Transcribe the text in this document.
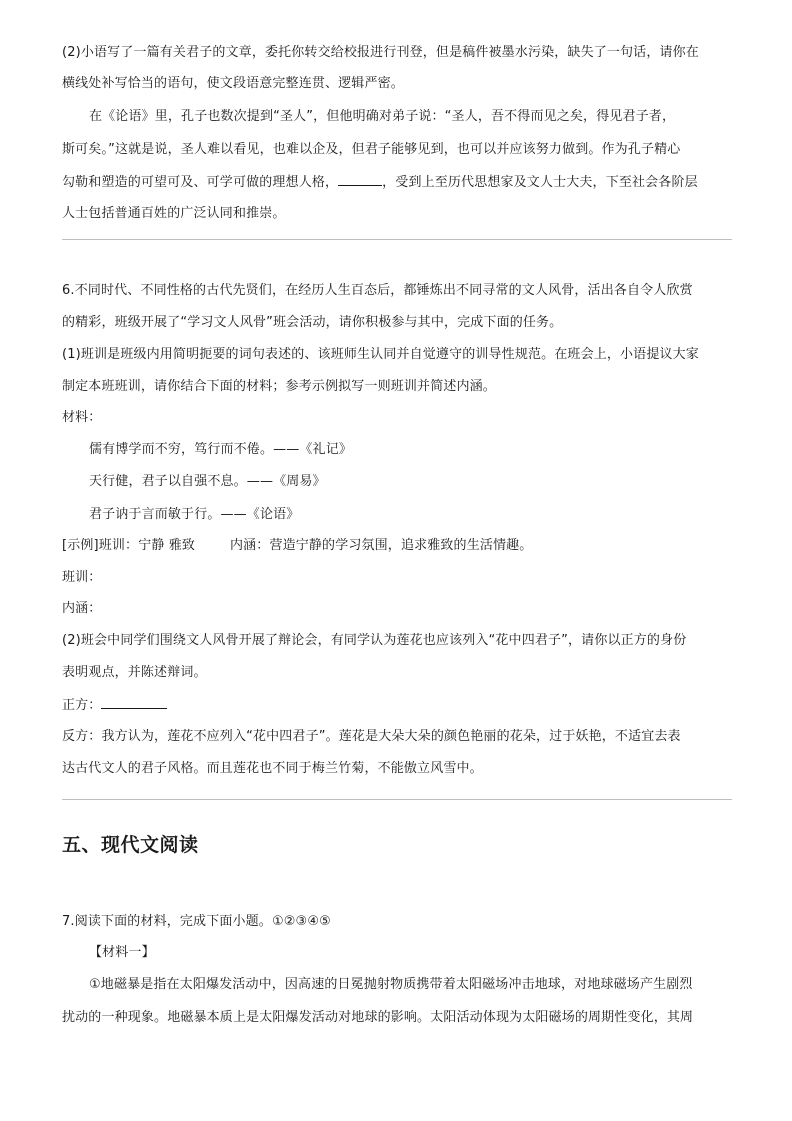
(2)小语写了一篇有关君子的文章，委托你转交给校报进行刊登，但是稿件被墨水污染，缺失了一句话，请你在
横线处补写恰当的语句，使文段语意完整连贯、逻辑严密。
在《论语》里，孔子也数次提到“圣人”，但他明确对弟子说：“圣人，吾不得而见之矣，得见君子者，
斯可矣。”这就是说，圣人难以看见，也难以企及，但君子能够见到，也可以并应该努力做到。作为孔子精心
勾勒和塑造的可望可及、可学可做的理想人格，	，受到上至历代思想家及文人士大夫，下至社会各阶层
人士包括普通百姓的广泛认同和推崇。
6.不同时代、不同性格的古代先贤们，在经历人生百态后，都锤炼出不同寻常的文人风骨，活出各自令人欣赏
的精彩，班级开展了“学习文人风骨”班会活动，请你积极参与其中，完成下面的任务。
(1)班训是班级内用简明扼要的词句表述的、该班师生认同并自觉遵守的训导性规范。在班会上，小语提议大家
制定本班班训，请你结合下面的材料；参考示例拟写一则班训并简述内涵。
材料：
儒有博学而不穷，笃行而不倦。——《礼记》
天行健，君子以自强不息。——《周易》
君子讷于言而敏于行。——《论语》
[示例]班训：宁静 雅致	内涵：营造宁静的学习氛围，追求雅致的生活情趣。
班训：
内涵：
(2)班会中同学们围绕文人风骨开展了辩论会，有同学认为莲花也应该列入“花中四君子”，请你以正方的身份
表明观点，并陈述辩词。
正方：
反方：我方认为，莲花不应列入“花中四君子”。莲花是大朵大朵的颜色艳丽的花朵，过于妖艳，不适宜去表
达古代文人的君子风格。而且莲花也不同于梅兰竹菊，不能傲立风雪中。
五、现代文阅读
7.阅读下面的材料，完成下面小题。①②③④⑤
【材料一】
①地磁暴是指在太阳爆发活动中，因高速的日冕抛射物质携带着太阳磁场冲击地球，对地球磁场产生剧烈
扰动的一种现象。地磁暴本质上是太阳爆发活动对地球的影响。太阳活动体现为太阳磁场的周期性变化，其周
